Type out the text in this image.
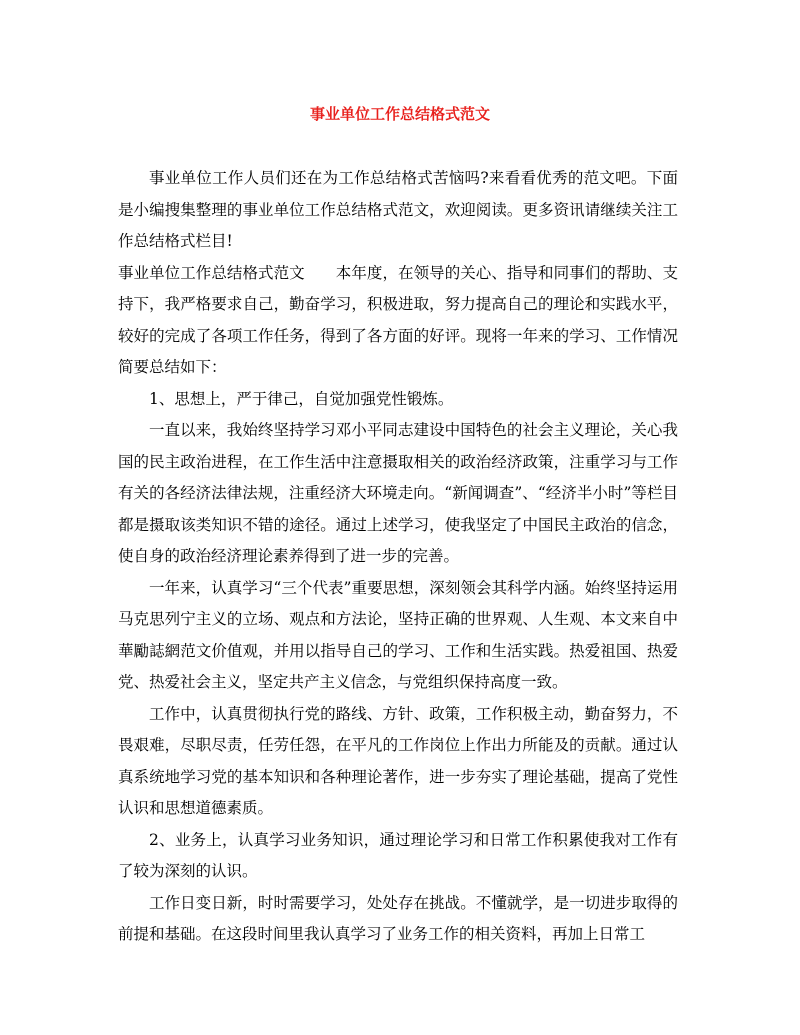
事业单位工作总结格式范文

事业单位工作人员们还在为工作总结格式苦恼吗?来看看优秀的范文吧。下面是小编搜集整理的事业单位工作总结格式范文，欢迎阅读。更多资讯请继续关注工作总结格式栏目!

事业单位工作总结格式范文　　本年度，在领导的关心、指导和同事们的帮助、支持下，我严格要求自己，勤奋学习，积极进取，努力提高自己的理论和实践水平，较好的完成了各项工作任务，得到了各方面的好评。现将一年来的学习、工作情况简要总结如下：

1、思想上，严于律己，自觉加强党性锻炼。

一直以来，我始终坚持学习邓小平同志建设中国特色的社会主义理论，关心我国的民主政治进程，在工作生活中注意摄取相关的政治经济政策，注重学习与工作有关的各经济法律法规，注重经济大环境走向。“新闻调查”、“经济半小时”等栏目都是摄取该类知识不错的途径。通过上述学习，使我坚定了中国民主政治的信念，使自身的政治经济理论素养得到了进一步的完善。

一年来，认真学习“三个代表”重要思想，深刻领会其科学内涵。始终坚持运用马克思列宁主义的立场、观点和方法论，坚持正确的世界观、人生观、本文来自中華勵誌網范文价值观，并用以指导自己的学习、工作和生活实践。热爱祖国、热爱党、热爱社会主义，坚定共产主义信念，与党组织保持高度一致。

工作中，认真贯彻执行党的路线、方针、政策，工作积极主动，勤奋努力，不畏艰难，尽职尽责，任劳任怨，在平凡的工作岗位上作出力所能及的贡献。通过认真系统地学习党的基本知识和各种理论著作，进一步夯实了理论基础，提高了党性认识和思想道德素质。

2、业务上，认真学习业务知识，通过理论学习和日常工作积累使我对工作有了较为深刻的认识。

工作日变日新，时时需要学习，处处存在挑战。不懂就学，是一切进步取得的前提和基础。在这段时间里我认真学习了业务工作的相关资料，再加上日常工
